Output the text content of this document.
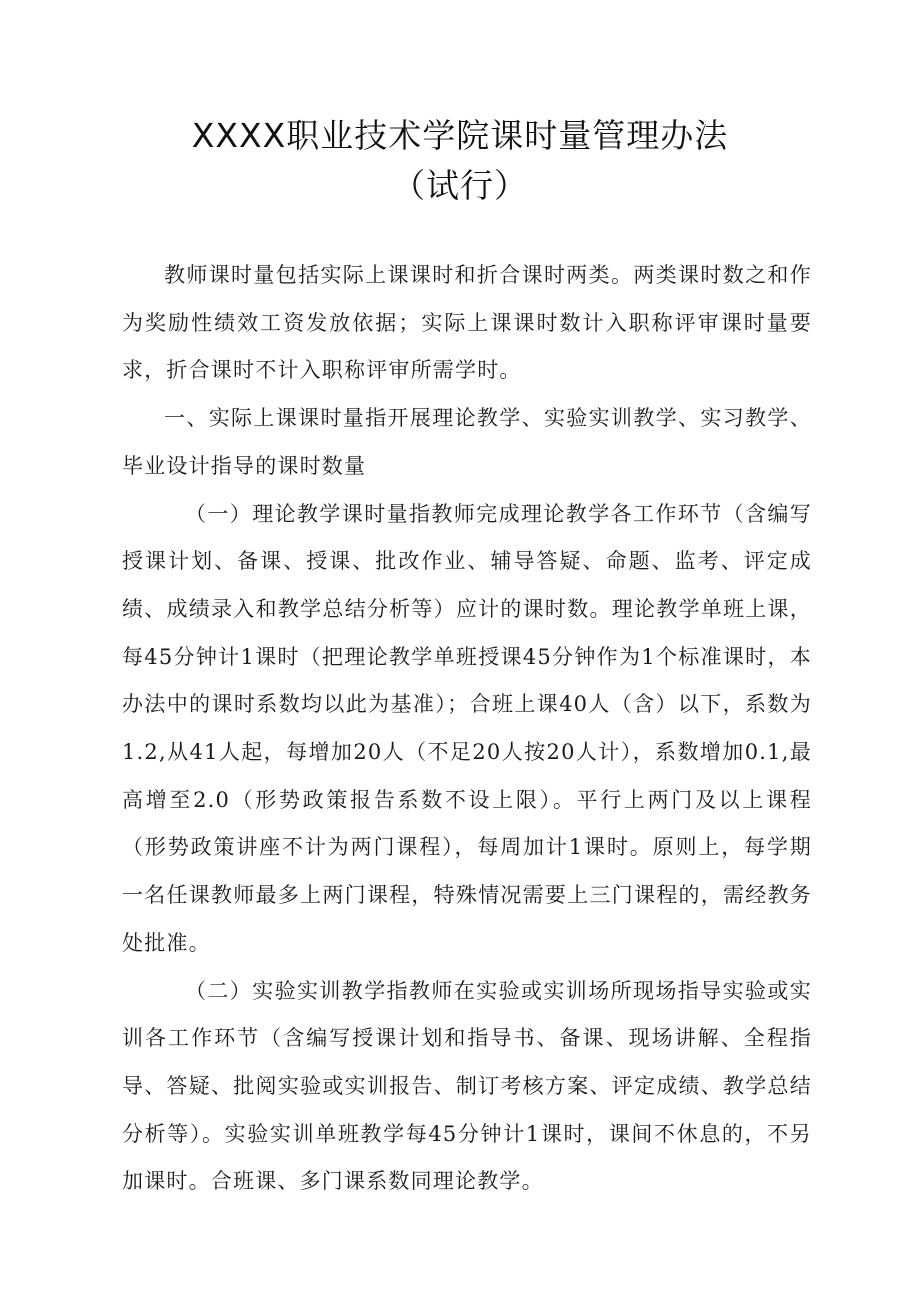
XXXX职业技术学院课时量管理办法
（试行）

教师课时量包括实际上课课时和折合课时两类。两类课时数之和作为奖励性绩效工资发放依据；实际上课课时数计入职称评审课时量要求，折合课时不计入职称评审所需学时。

一、实际上课课时量指开展理论教学、实验实训教学、实习教学、毕业设计指导的课时数量

（一）理论教学课时量指教师完成理论教学各工作环节（含编写授课计划、备课、授课、批改作业、辅导答疑、命题、监考、评定成绩、成绩录入和教学总结分析等）应计的课时数。理论教学单班上课，每45分钟计1课时（把理论教学单班授课45分钟作为1个标准课时，本办法中的课时系数均以此为基准）；合班上课40人（含）以下，系数为1.2,从41人起，每增加20人（不足20人按20人计），系数增加0.1,最高增至2.0（形势政策报告系数不设上限）。平行上两门及以上课程（形势政策讲座不计为两门课程），每周加计1课时。原则上，每学期一名任课教师最多上两门课程，特殊情况需要上三门课程的，需经教务处批准。

（二）实验实训教学指教师在实验或实训场所现场指导实验或实训各工作环节（含编写授课计划和指导书、备课、现场讲解、全程指导、答疑、批阅实验或实训报告、制订考核方案、评定成绩、教学总结分析等）。实验实训单班教学每45分钟计1课时，课间不休息的，不另加课时。合班课、多门课系数同理论教学。
